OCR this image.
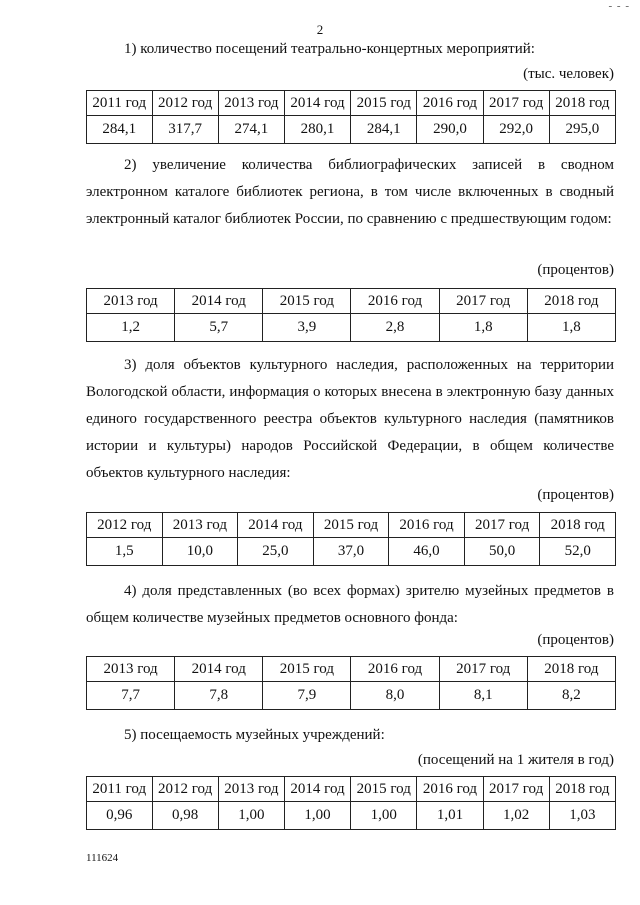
- - -
2
1) количество посещений театрально-концертных мероприятий:
(тыс. человек)
2011 год	2012 год	2013 год	2014 год	2015 год	2016 год	2017 год	2018 год
284,1	317,7	274,1	280,1	284,1	290,0	292,0	295,0
2) увеличение количества библиографических записей в сводном электронном каталоге библиотек региона, в том числе включенных в сводный электронный каталог библиотек России, по сравнению с предшествующим годом:
(процентов)
2013 год	2014 год	2015 год	2016 год	2017 год	2018 год
1,2	5,7	3,9	2,8	1,8	1,8
3) доля объектов культурного наследия, расположенных на территории Вологодской области, информация о которых внесена в электронную базу данных единого государственного реестра объектов культурного наследия (памятников истории и культуры) народов Российской Федерации, в общем количестве объектов культурного наследия:
(процентов)
2012 год	2013 год	2014 год	2015 год	2016 год	2017 год	2018 год
1,5	10,0	25,0	37,0	46,0	50,0	52,0
4) доля представленных (во всех формах) зрителю музейных предметов в общем количестве музейных предметов основного фонда:
(процентов)
2013 год	2014 год	2015 год	2016 год	2017 год	2018 год
7,7	7,8	7,9	8,0	8,1	8,2
5) посещаемость музейных учреждений:
(посещений на 1 жителя в год)
2011 год	2012 год	2013 год	2014 год	2015 год	2016 год	2017 год	2018 год
0,96	0,98	1,00	1,00	1,00	1,01	1,02	1,03
111624
